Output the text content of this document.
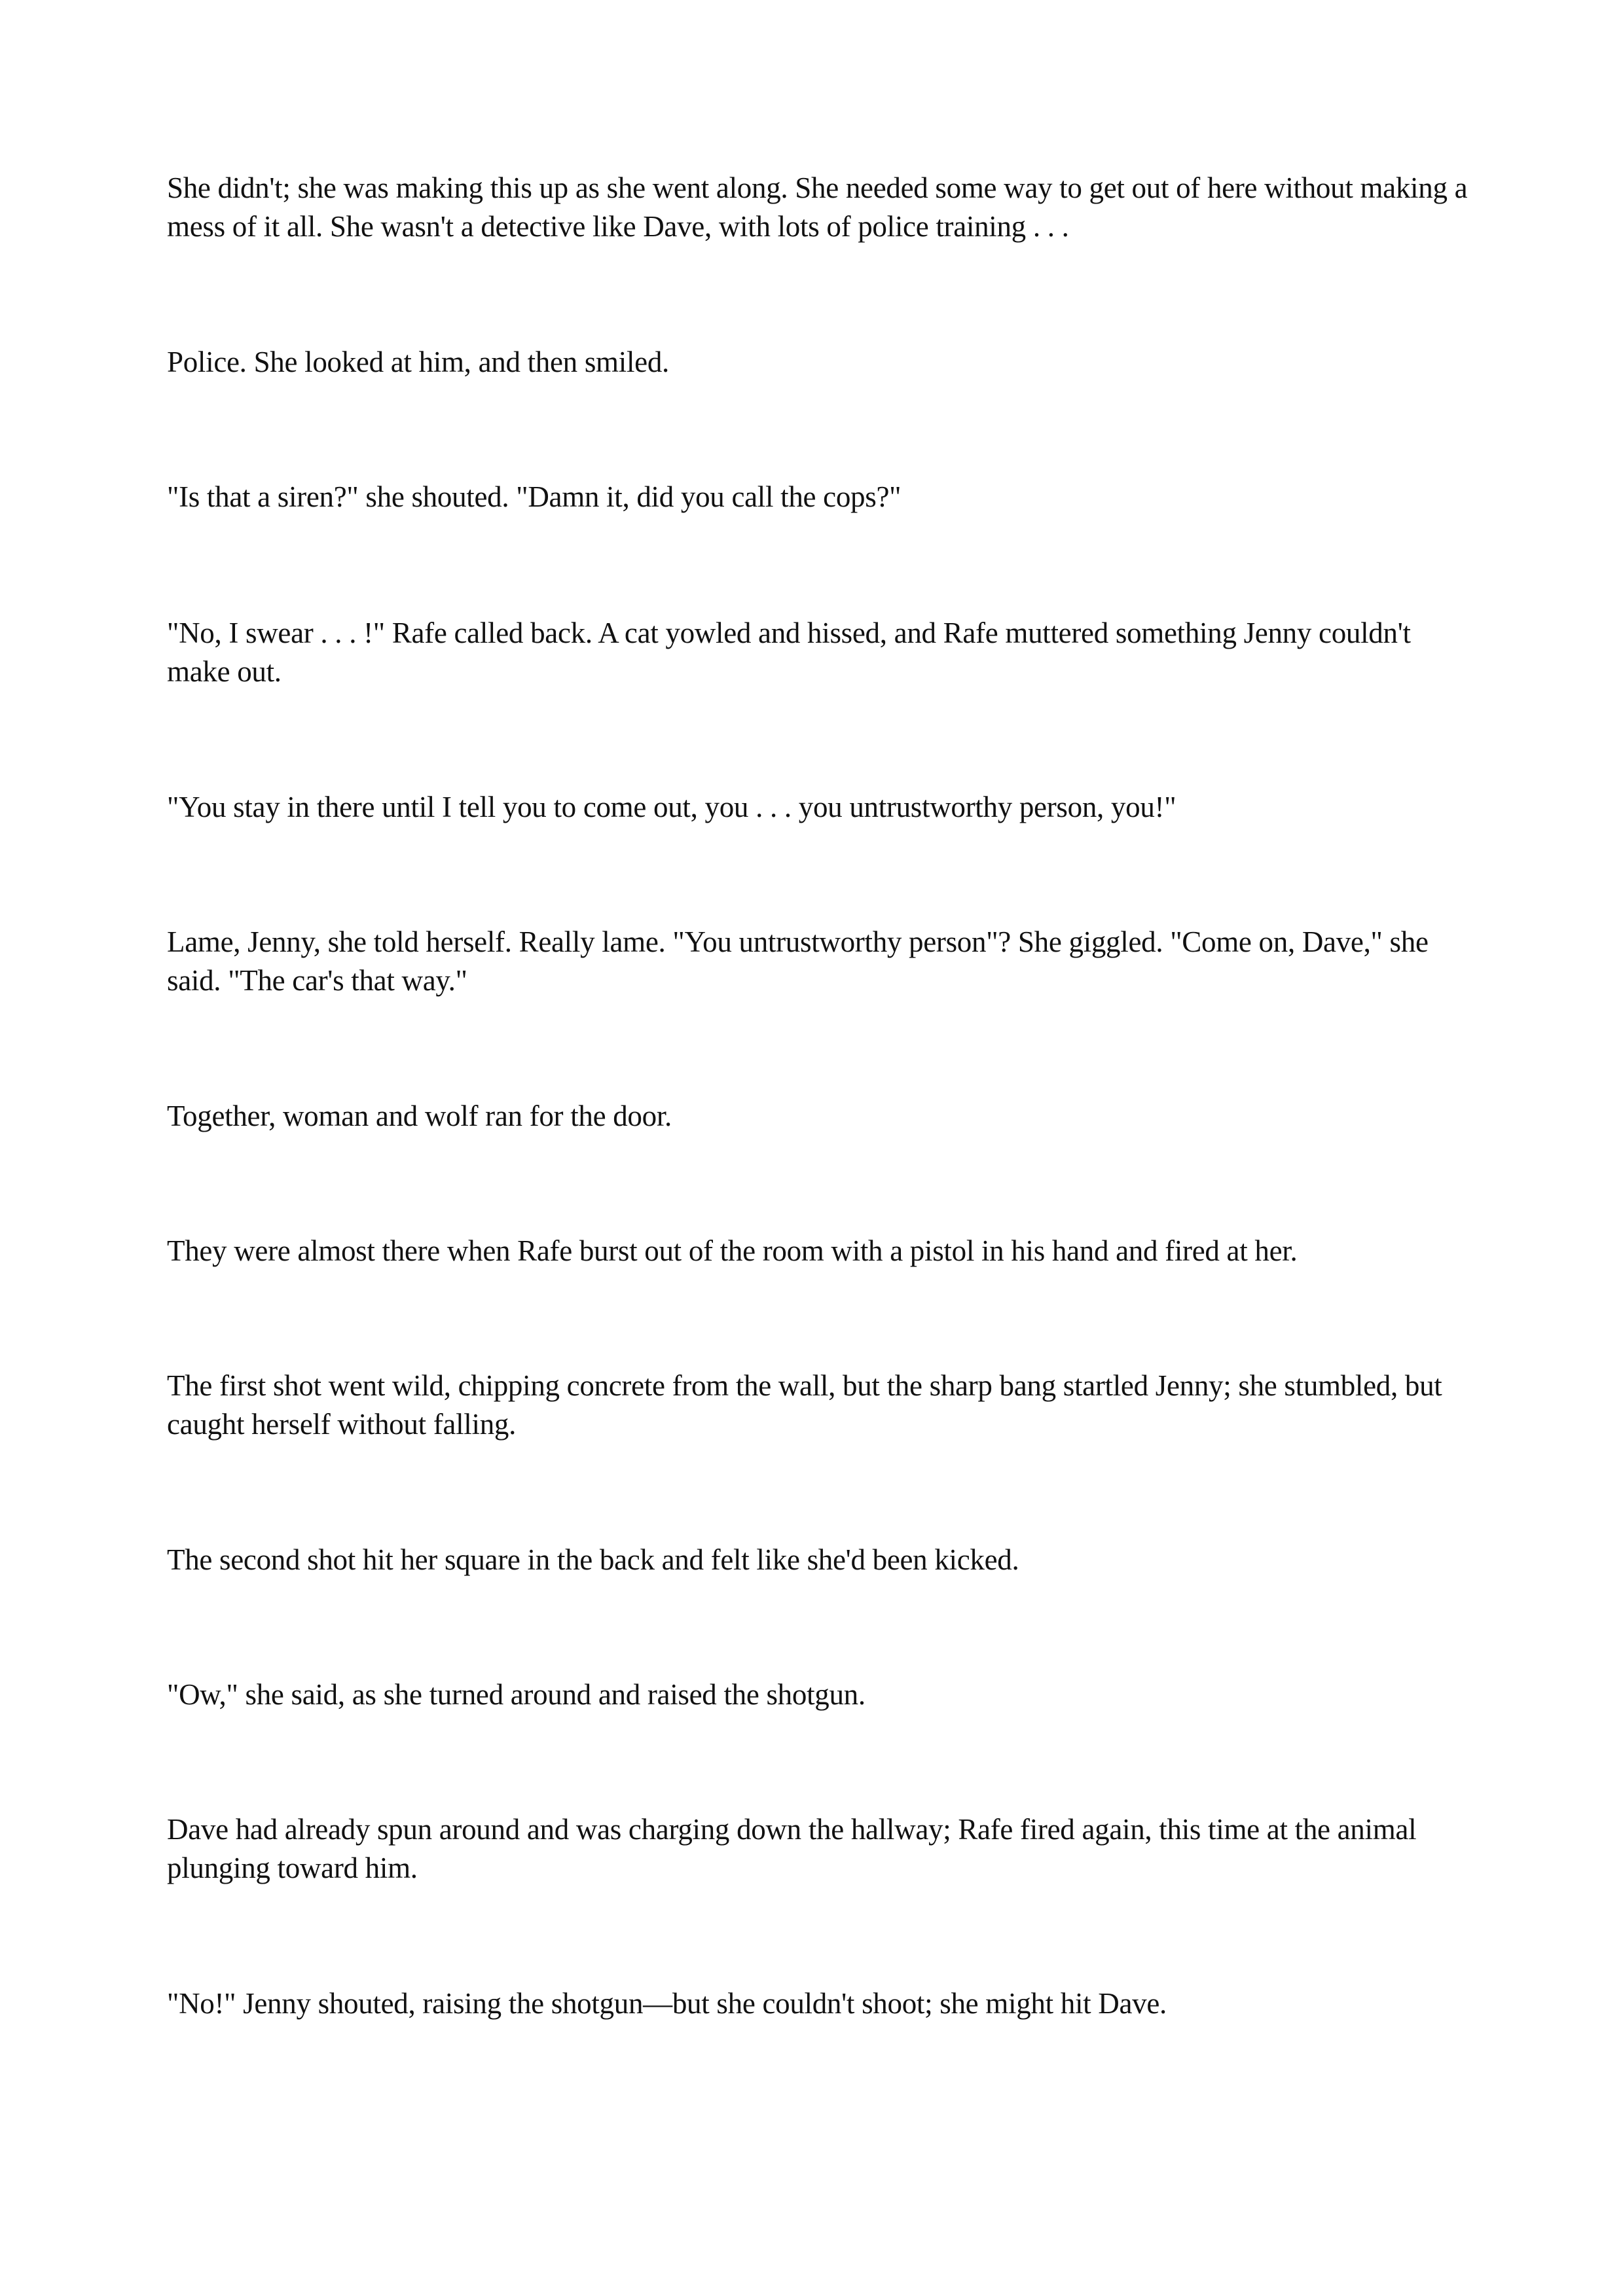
She didn't; she was making this up as she went along. She needed some way to get out of here without making a mess of it all. She wasn't a detective like Dave, with lots of police training . . .

Police. She looked at him, and then smiled.

"Is that a siren?" she shouted. "Damn it, did you call the cops?"

"No, I swear . . . !" Rafe called back. A cat yowled and hissed, and Rafe muttered something Jenny couldn't make out.

"You stay in there until I tell you to come out, you . . . you untrustworthy person, you!"

Lame, Jenny, she told herself. Really lame. "You untrustworthy person"? She giggled. "Come on, Dave," she said. "The car's that way."

Together, woman and wolf ran for the door.

They were almost there when Rafe burst out of the room with a pistol in his hand and fired at her.

The first shot went wild, chipping concrete from the wall, but the sharp bang startled Jenny; she stumbled, but caught herself without falling.

The second shot hit her square in the back and felt like she'd been kicked.

"Ow," she said, as she turned around and raised the shotgun.

Dave had already spun around and was charging down the hallway; Rafe fired again, this time at the animal plunging toward him.

"No!" Jenny shouted, raising the shotgun—but she couldn't shoot; she might hit Dave.
